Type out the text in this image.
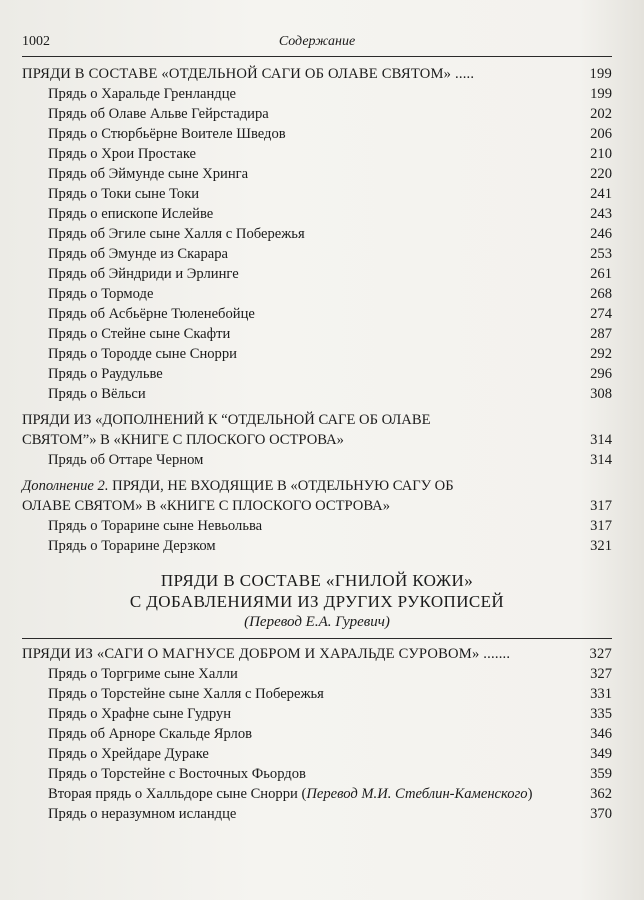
1002	Содержание
ПРЯДИ В СОСТАВЕ «ОТДЕЛЬНОЙ САГИ ОБ ОЛАВЕ СВЯТОМ» .....	199
Прядь о Харальде Гренландце	199
Прядь об Олаве Альве Гейрстадира	202
Прядь о Стюрбьёрне Воителе Шведов	206
Прядь о Хрои Простаке	210
Прядь об Эймунде сыне Хринга	220
Прядь о Токи сыне Токи	241
Прядь о епископе Ислейве	243
Прядь об Эгиле сыне Халля с Побережья	246
Прядь об Эмунде из Скарара	253
Прядь об Эйндриди и Эрлинге	261
Прядь о Тормоде	268
Прядь об Асбьёрне Тюленебойце	274
Прядь о Стейне сыне Скафти	287
Прядь о Тородде сыне Снорри	292
Прядь о Раудульве	296
Прядь о Вёльси	308
ПРЯДИ ИЗ «ДОПОЛНЕНИЙ К “ОТДЕЛЬНОЙ САГЕ ОБ ОЛАВЕ
СВЯТОМ”» В «КНИГЕ С ПЛОСКОГО ОСТРОВА»	314
Прядь об Оттаре Черном	314
Дополнение 2. ПРЯДИ, НЕ ВХОДЯЩИЕ В «ОТДЕЛЬНУЮ САГУ ОБ
ОЛАВЕ СВЯТОМ» В «КНИГЕ С ПЛОСКОГО ОСТРОВА»	317
Прядь о Торарине сыне Невьольва	317
Прядь о Торарине Дерзком	321
ПРЯДИ В СОСТАВЕ «ГНИЛОЙ КОЖИ»
С ДОБАВЛЕНИЯМИ ИЗ ДРУГИХ РУКОПИСЕЙ
(Перевод Е.А. Гуревич)
ПРЯДИ ИЗ «САГИ О МАГНУСЕ ДОБРОМ И ХАРАЛЬДЕ СУРОВОМ» .......	327
Прядь о Торгриме сыне Халли	327
Прядь о Торстейне сыне Халля с Побережья	331
Прядь о Храфне сыне Гудрун	335
Прядь об Арноре Скальде Ярлов	346
Прядь о Хрейдаре Дураке	349
Прядь о Торстейне с Восточных Фьордов	359
Вторая прядь о Халльдоре сыне Снорри (Перевод М.И. Стеблин-Каменского)	362
Прядь о неразумном исландце	370
